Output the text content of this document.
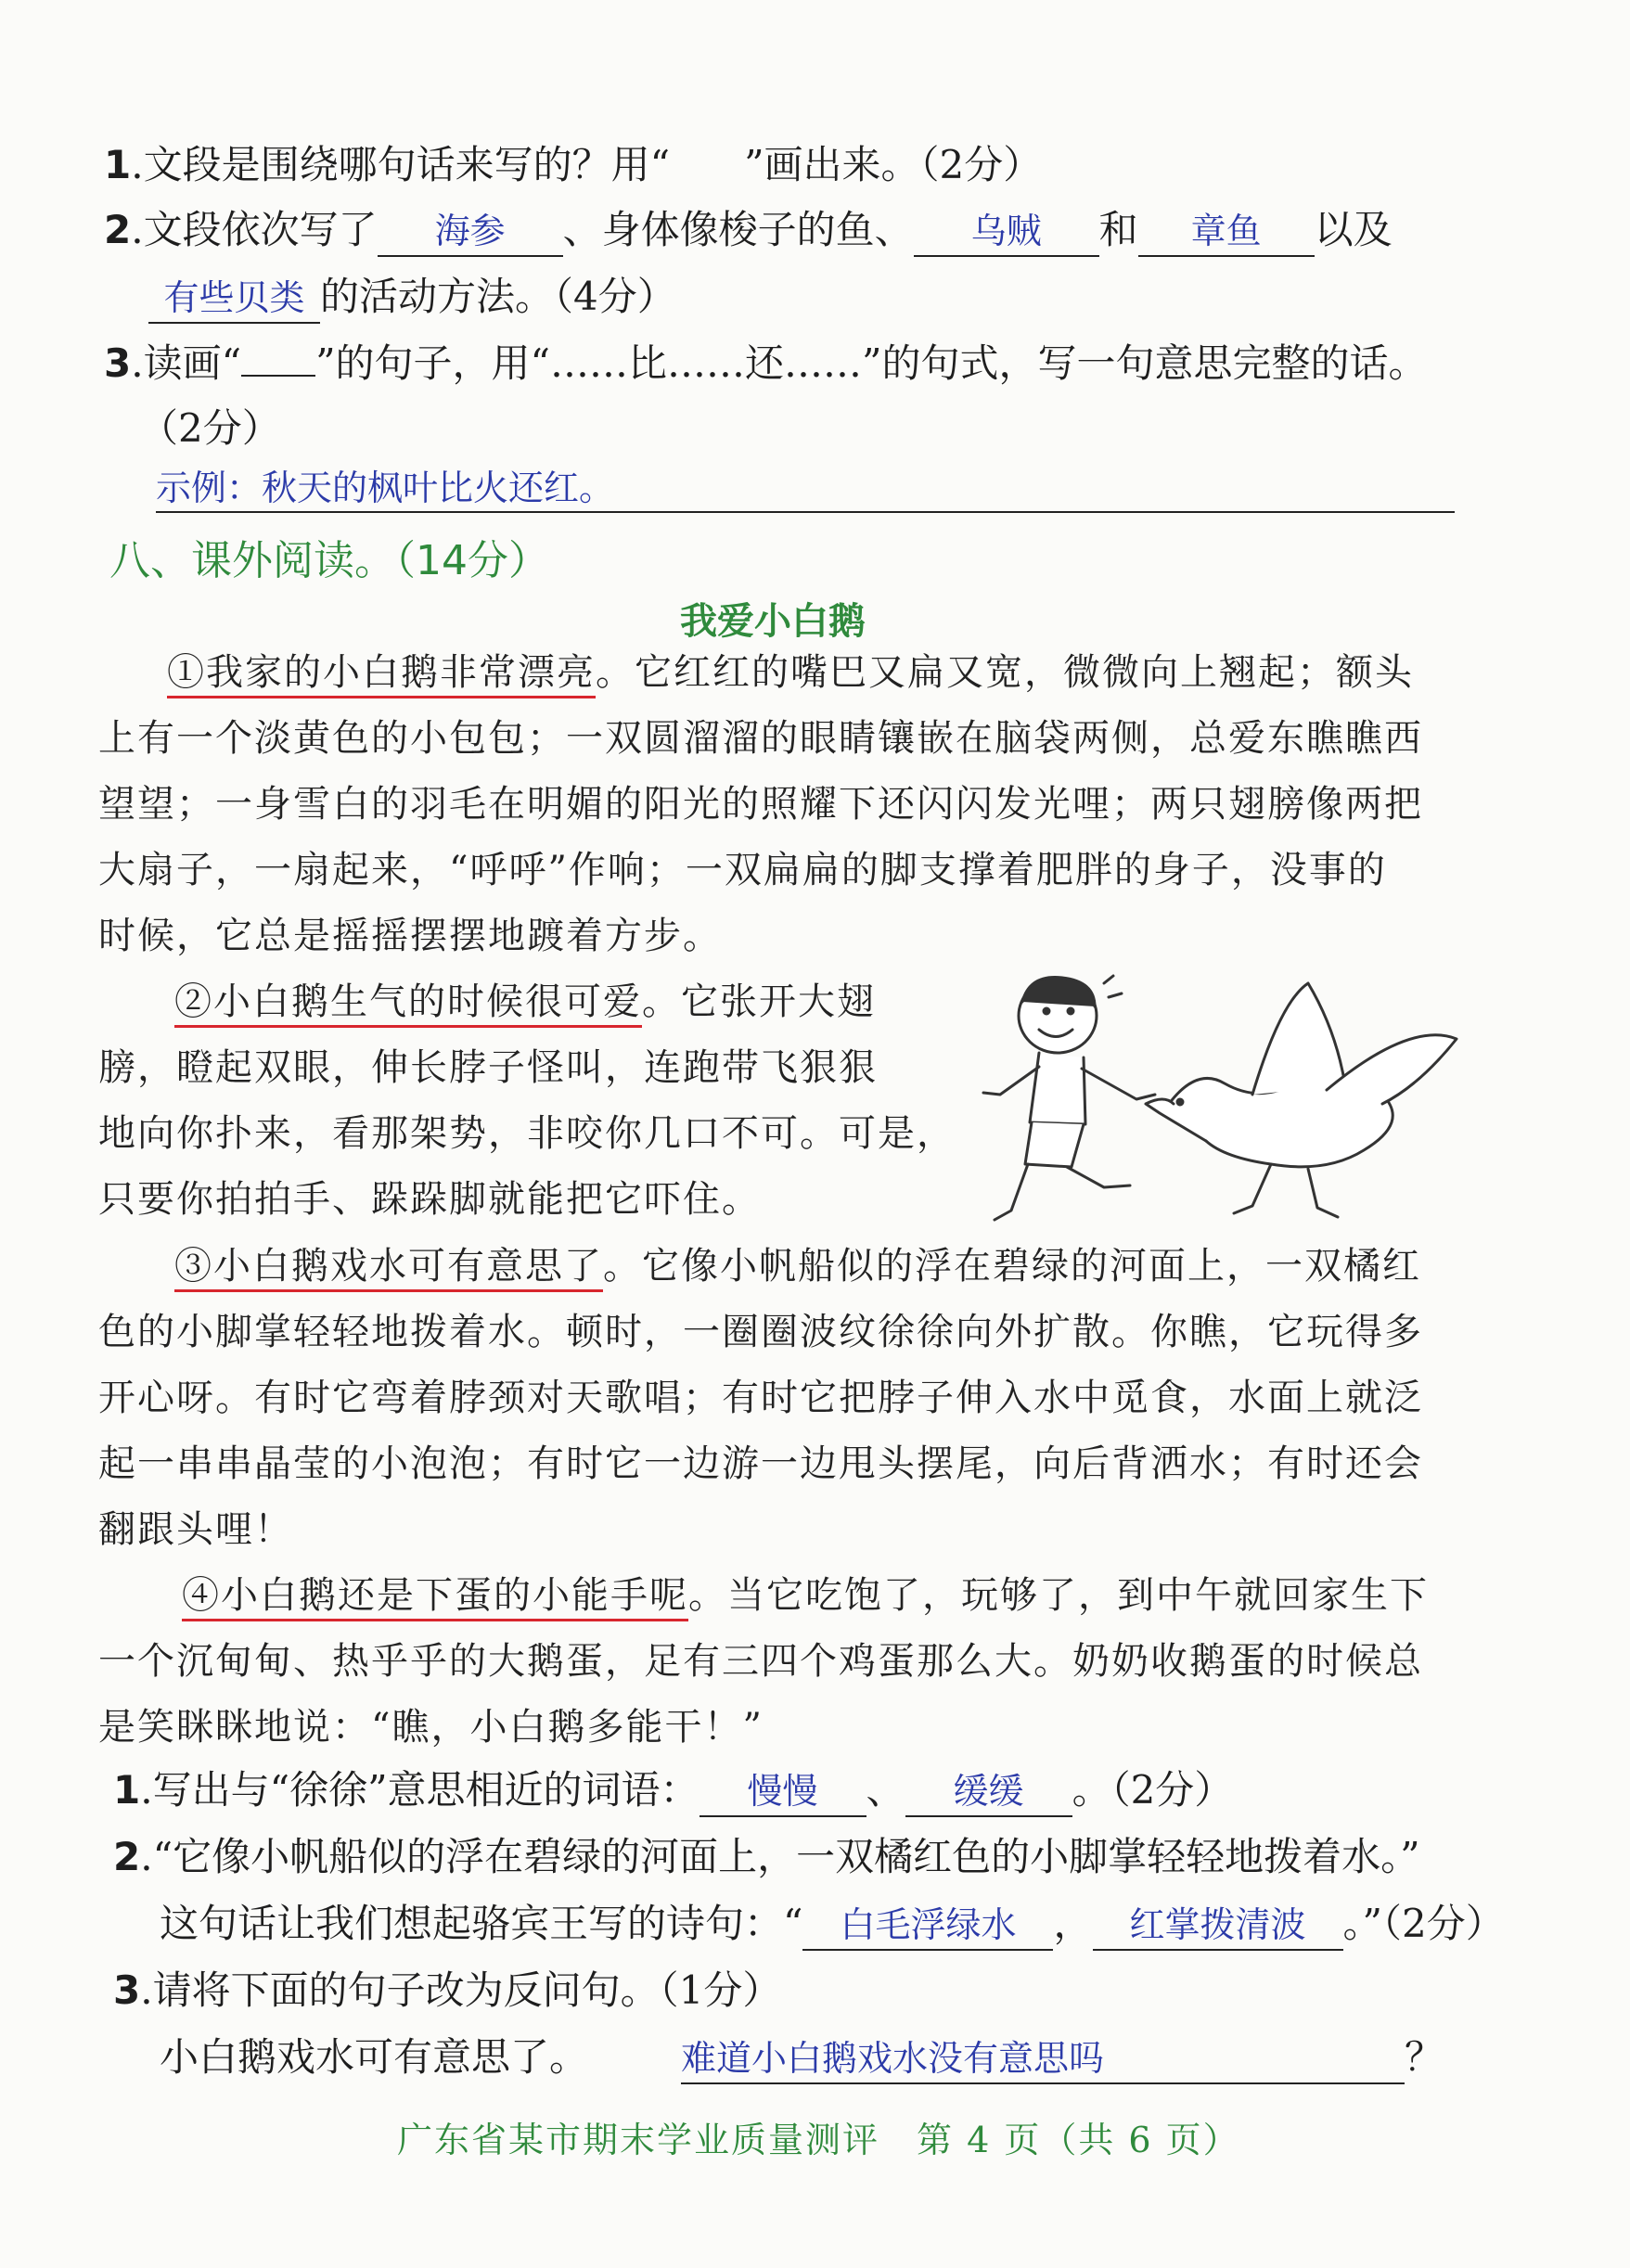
1.文段是围绕哪句话来写的？用“ ”画出来。（2分）
2.文段依次写了 海参 、身体像梭子的鱼、 乌贼 和 章鱼 以及
有些贝类 的活动方法。（4分）
3.读画“ ”的句子，用“……比……还……”的句式，写一句意思完整的话。
（2分）
示例：秋天的枫叶比火还红。
八、课外阅读。（14分）
我爱小白鹅

①我家的小白鹅非常漂亮。它红红的嘴巴又扁又宽，微微向上翘起；额头

上有一个淡黄色的小包包；一双圆溜溜的眼睛镶嵌在脑袋两侧，总爱东瞧瞧西

望望；一身雪白的羽毛在明媚的阳光的照耀下还闪闪发光哩；两只翅膀像两把

大扇子，一扇起来，“呼呼”作响；一双扁扁的脚支撑着肥胖的身子，没事的

时候，它总是摇摇摆摆地踱着方步。

②小白鹅生气的时候很可爱。它张开大翅

膀，瞪起双眼，伸长脖子怪叫，连跑带飞狠狠

地向你扑来，看那架势，非咬你几口不可。可是，

只要你拍拍手、跺跺脚就能把它吓住。

③小白鹅戏水可有意思了。它像小帆船似的浮在碧绿的河面上，一双橘红

色的小脚掌轻轻地拨着水。顿时，一圈圈波纹徐徐向外扩散。你瞧，它玩得多

开心呀。有时它弯着脖颈对天歌唱；有时它把脖子伸入水中觅食，水面上就泛

起一串串晶莹的小泡泡；有时它一边游一边甩头摆尾，向后背洒水；有时还会

翻跟头哩！

④小白鹅还是下蛋的小能手呢。当它吃饱了，玩够了，到中午就回家生下

一个沉甸甸、热乎乎的大鹅蛋，足有三四个鸡蛋那么大。奶奶收鹅蛋的时候总

是笑眯眯地说：“瞧，小白鹅多能干！”

1.写出与“徐徐”意思相近的词语： 慢慢 、 缓缓 。（2分）
2.“它像小帆船似的浮在碧绿的河面上，一双橘红色的小脚掌轻轻地拨着水。”
这句话让我们想起骆宾王写的诗句：“ 白毛浮绿水 ， 红掌拨清波 。”（2分）
3.请将下面的句子改为反问句。（1分）
小白鹅戏水可有意思了。	难道小白鹅戏水没有意思吗	？
广东省某市期末学业质量测评　第 4 页（共 6 页）
